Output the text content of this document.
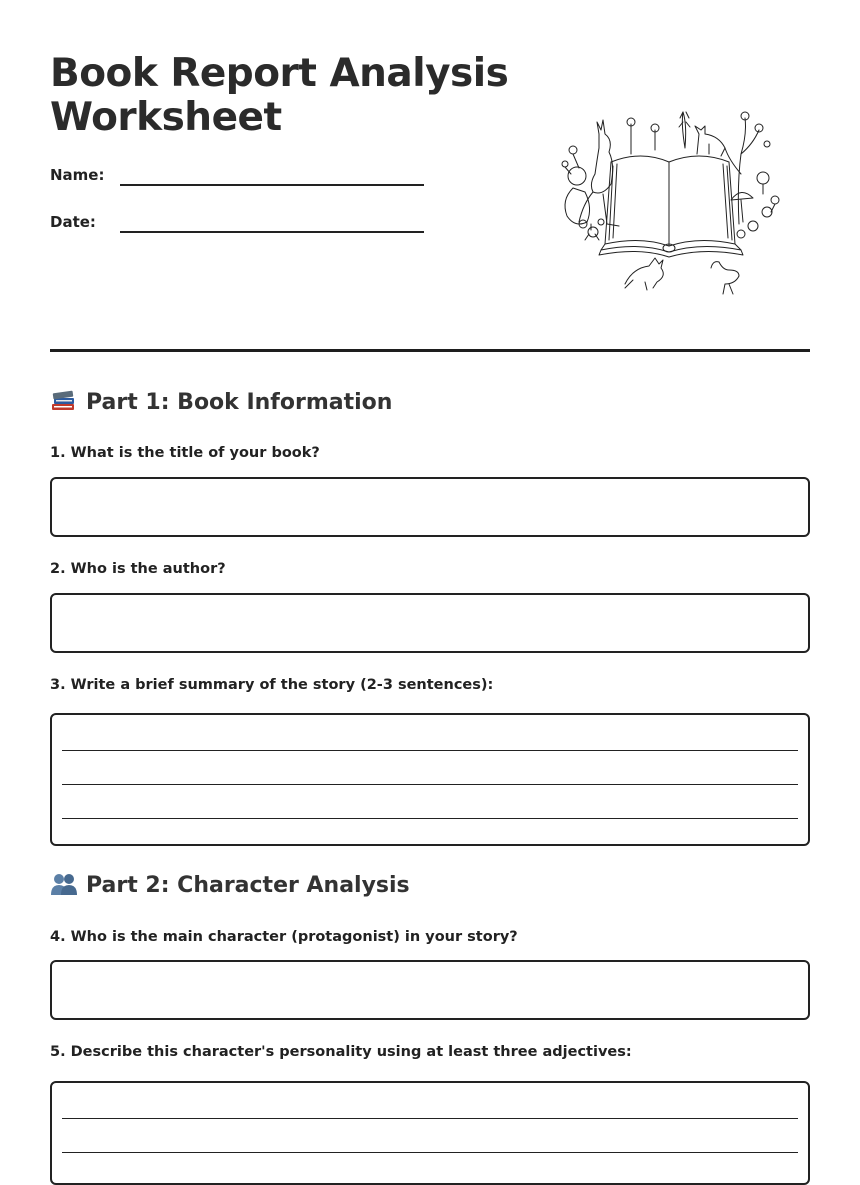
Book Report Analysis Worksheet
Name:
Date:
Part 1: Book Information
1. What is the title of your book?
2. Who is the author?
3. Write a brief summary of the story (2-3 sentences):
Part 2: Character Analysis
4. Who is the main character (protagonist) in your story?
5. Describe this character's personality using at least three adjectives:
